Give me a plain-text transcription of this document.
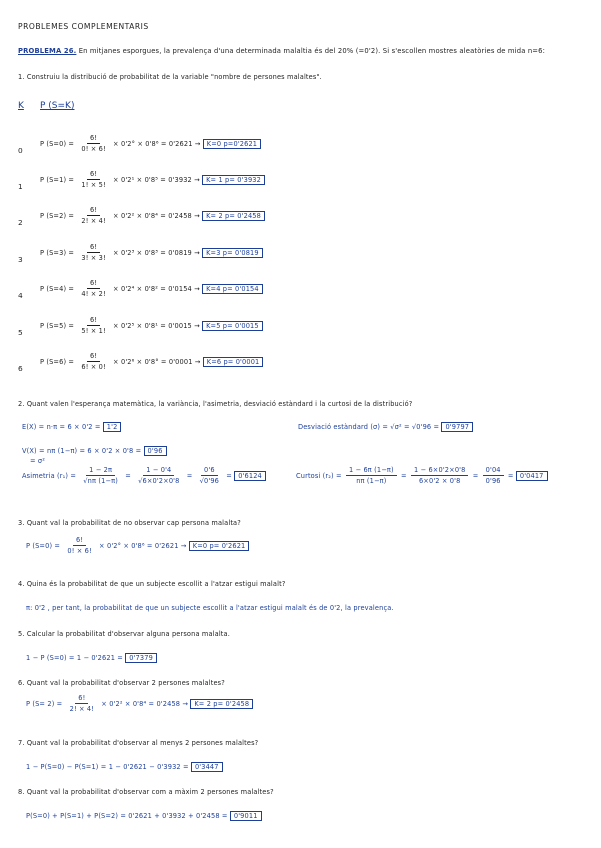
PROBLEMES COMPLEMENTARIS
PROBLEMA 26. En mitjanes esporgues, la prevalença d'una determinada malaltia és del 20% (=0'2). Si s'escollen mostres aleatòries de mida n=6:
1. Construiu la distribució de probabilitat de la variable "nombre de persones malaltes".
K P (S=K)
0
P $(S=0) = \frac{6!}{0! \times 6!} \times 0'2^\circ \times 0'8^6 = 0'2621 \to K=0$ p=0'2621
1
P $(S=1) = \frac{6!}{1! \times 5!} \times 0'2^1 \times 0'8^5 = 0'3932 \to K= 1$ p= 0'3932
2
P $(S=2) = \frac{6!}{2! \times 4!} \times 0'2^2 \times 0'8^4 = 0'2458 \to K= 2$ p= 0'2458
3
P $(S=3) = \frac{6!}{3! \times 3!} \times 0'2^3 \times 0'8^3 = 0'0819 \to K=3$ p= 0'0819
4
P $(S=4) = \frac{6!}{4! \times 2!} \times 0'2^4 \times 0'8^2 = 0'0154 \to K=4$ p= 0'0154
5
P $(S=5) = \frac{6!}{5! \times 1!} \times 0'2^5 \times 0'8^1 = 0'0015 \to K=5$ p= 0'0015
6
P $(S=6) = \frac{6!}{6! \times 0!} \times 0'2^6 \times 0'8^\circ = 0'0001 \to K=6$ p= 0'0001
2. Quant valen l'esperança matemàtica, la variància, l'asimetria, desviació estàndard i la curtosi de la distribució?
E(X) = n·π = 6 × 0'2 = 1'2	Desviació estàndard (σ) = √σ² = √0'96 = 0'9797
V(X) = nπ (1−π) = 6 × 0'2 × 0'8 = 0'96
= σ²
Asimetria $(r_1) = \frac{1 - 2\pi}{√n\pi (1-\pi)} = \frac{1 - 0'4}{√6\times 0'2\times 0'8} = \frac{0'6}{√0'96} = 0'6124$	Curtosi $(r_2) = \frac{1 - 6\pi (1-\pi)}{n\pi (1-\pi)} = \frac{1 - 6\times 0'2\times 0'8}{6\times 0'2 \times 0'8} = \frac{0'04}{0'96} = 0'0417$
3. Quant val la probabilitat de no observar cap persona malalta?
P $(S=0) = \frac{6!}{0! \times 6!} \times 0'2^\circ \times 0'8^6 = 0'2621 \to K=0$ p= 0'2621
4. Quina és la probabilitat de que un subjecte escollit a l'atzar estigui malalt?
π: 0'2 , per tant, la probabilitat de que un subjecte escollit a l'atzar estigui malalt és de 0'2, la prevalença.
5. Calcular la probabilitat d'observar alguna persona malalta.
1 − P (S=0) = 1 − 0'2621 = 0'7379
6. Quant val la probabilitat d'observar 2 persones malaltes?
P $(S= 2) = \frac{6!}{2! \times 4!} \times 0'2^2 \times 0'8^4 = 0'2458 \to K= 2$ p= 0'2458
7. Quant val la probabilitat d'observar al menys 2 persones malaltes?
1 − P(S=0) − P(S=1) = 1 − 0'2621 − 0'3932 = 0'3447
8. Quant val la probabilitat d'observar com a màxim 2 persones malaltes?
P(S=0) + P(S=1) + P(S=2) = 0'2621 + 0'3932 + 0'2458 = 0'9011
